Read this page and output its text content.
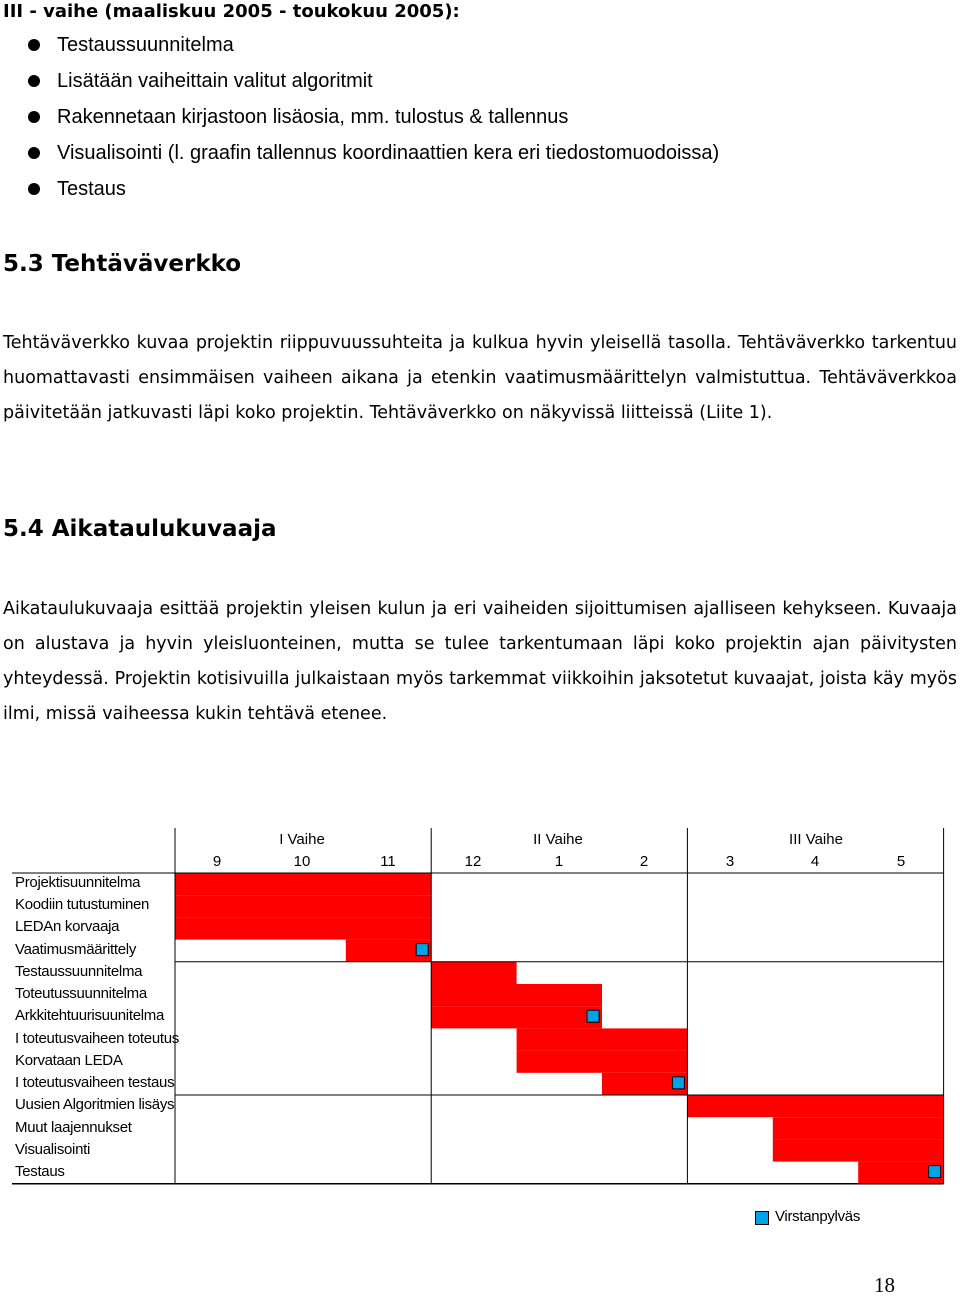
III - vaihe (maaliskuu 2005 - toukokuu 2005):
Testaussuunnitelma
Lisätään vaiheittain valitut algoritmit
Rakennetaan kirjastoon lisäosia, mm. tulostus & tallennus
Visualisointi (l. graafin tallennus koordinaattien kera eri tiedostomuodoissa)
Testaus
5.3 Tehtäväverkko
Tehtäväverkko kuvaa projektin riippuvuussuhteita ja kulkua hyvin yleisellä tasolla. Tehtäväverkko tarkentuu huomattavasti ensimmäisen vaiheen aikana ja etenkin vaatimusmäärittelyn valmistuttua. Tehtäväverkkoa päivitetään jatkuvasti läpi koko projektin. Tehtäväverkko on näkyvissä liitteissä (Liite 1).
5.4 Aikataulukuvaaja
Aikataulukuvaaja esittää projektin yleisen kulun ja eri vaiheiden sijoittumisen ajalliseen kehykseen. Kuvaaja on alustava ja hyvin yleisluonteinen, mutta se tulee tarkentumaan läpi koko projektin ajan päivitysten yhteydessä. Projektin kotisivuilla julkaistaan myös tarkemmat viikkoihin jaksotetut kuvaajat, joista käy myös ilmi, missä vaiheessa kukin tehtävä etenee.
I Vaihe	II Vaihe	III Vaihe
9	10	11	12	1	2	3	4	5
Projektisuunnitelma
Koodiin tutustuminen
LEDAn korvaaja
Vaatimusmäärittely
Testaussuunnitelma
Toteutussuunnitelma
Arkkitehtuurisuunitelma
I toteutusvaiheen toteutus
Korvataan LEDA
I toteutusvaiheen testaus
Uusien Algoritmien lisäys
Muut laajennukset
Visualisointi
Testaus
Virstanpylväs
18
